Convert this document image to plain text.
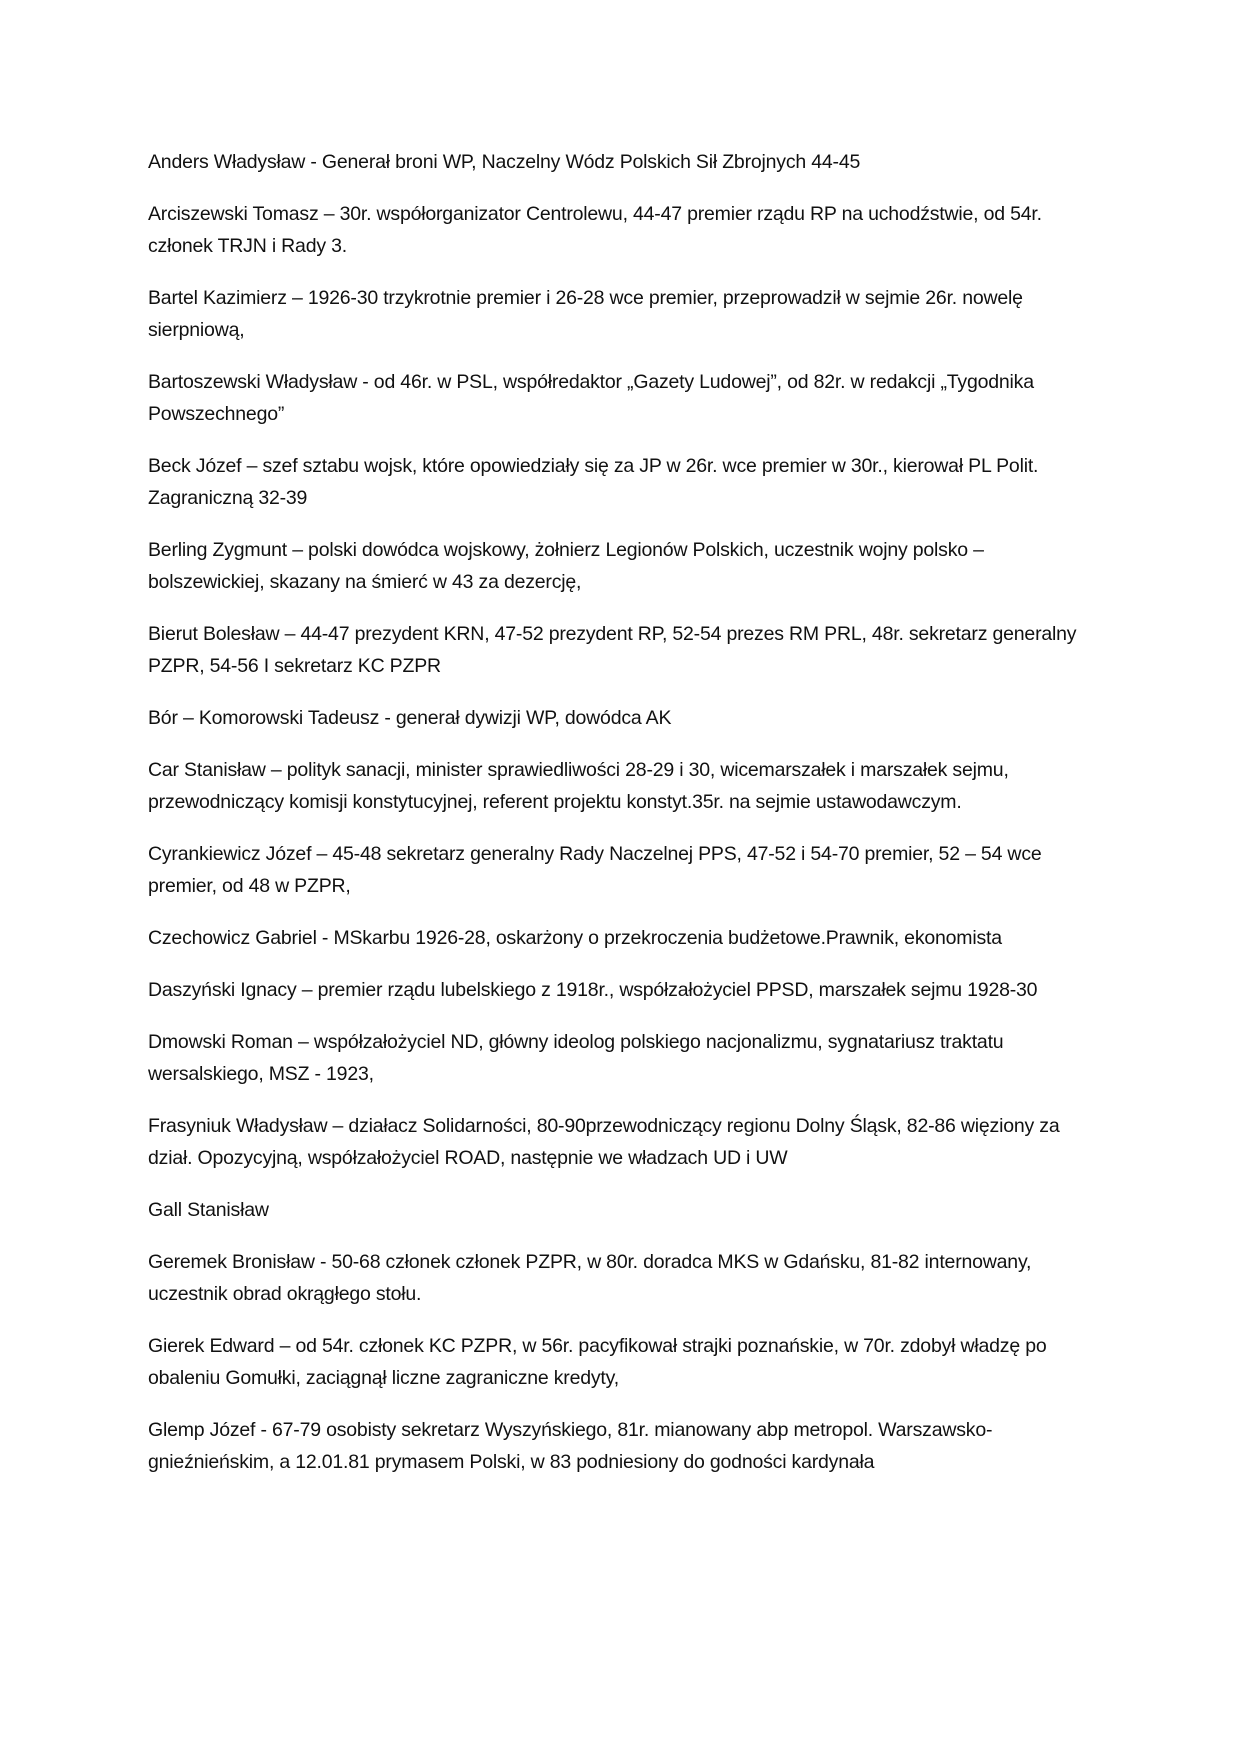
Anders Władysław - Generał broni WP, Naczelny Wódz Polskich Sił Zbrojnych 44-45

Arciszewski Tomasz – 30r. współorganizator Centrolewu, 44-47 premier rządu RP na uchodźstwie, od 54r. członek TRJN i Rady 3.

Bartel Kazimierz – 1926-30 trzykrotnie premier i 26-28 wce premier, przeprowadził w sejmie 26r. nowelę sierpniową,

Bartoszewski Władysław - od 46r. w PSL, współredaktor „Gazety Ludowej”, od 82r. w redakcji „Tygodnika Powszechnego”

Beck Józef – szef sztabu wojsk, które opowiedziały się za JP w 26r. wce premier w 30r., kierował PL Polit. Zagraniczną 32-39

Berling Zygmunt – polski dowódca wojskowy, żołnierz Legionów Polskich, uczestnik wojny polsko – bolszewickiej, skazany na śmierć w 43 za dezercję,

Bierut Bolesław – 44-47 prezydent KRN, 47-52 prezydent RP, 52-54 prezes RM PRL, 48r. sekretarz generalny PZPR, 54-56 I sekretarz KC PZPR

Bór – Komorowski Tadeusz - generał dywizji WP, dowódca AK

Car Stanisław – polityk sanacji, minister sprawiedliwości 28-29 i 30, wicemarszałek i marszałek sejmu, przewodniczący komisji konstytucyjnej, referent projektu konstyt.35r. na sejmie ustawodawczym.

Cyrankiewicz Józef – 45-48 sekretarz generalny Rady Naczelnej PPS, 47-52 i 54-70 premier, 52 – 54 wce premier, od 48 w PZPR,

Czechowicz Gabriel - MSkarbu 1926-28, oskarżony o przekroczenia budżetowe.Prawnik, ekonomista

Daszyński Ignacy – premier rządu lubelskiego z 1918r., współzałożyciel PPSD, marszałek sejmu 1928-30

Dmowski Roman – współzałożyciel ND, główny ideolog polskiego nacjonalizmu, sygnatariusz traktatu wersalskiego, MSZ - 1923,

Frasyniuk Władysław – działacz Solidarności, 80-90przewodniczący regionu Dolny Śląsk, 82-86 więziony za dział. Opozycyjną, współzałożyciel ROAD, następnie we władzach UD i UW

Gall Stanisław

Geremek Bronisław - 50-68 członek członek PZPR, w 80r. doradca MKS w Gdańsku, 81-82 internowany, uczestnik obrad okrągłego stołu.

Gierek Edward – od 54r. członek KC PZPR, w 56r. pacyfikował strajki poznańskie, w 70r. zdobył władzę po obaleniu Gomułki, zaciągnął liczne zagraniczne kredyty,

Glemp Józef - 67-79 osobisty sekretarz Wyszyńskiego, 81r. mianowany abp metropol. Warszawsko-gnieźnieńskim, a 12.01.81 prymasem Polski, w 83 podniesiony do godności kardynała
